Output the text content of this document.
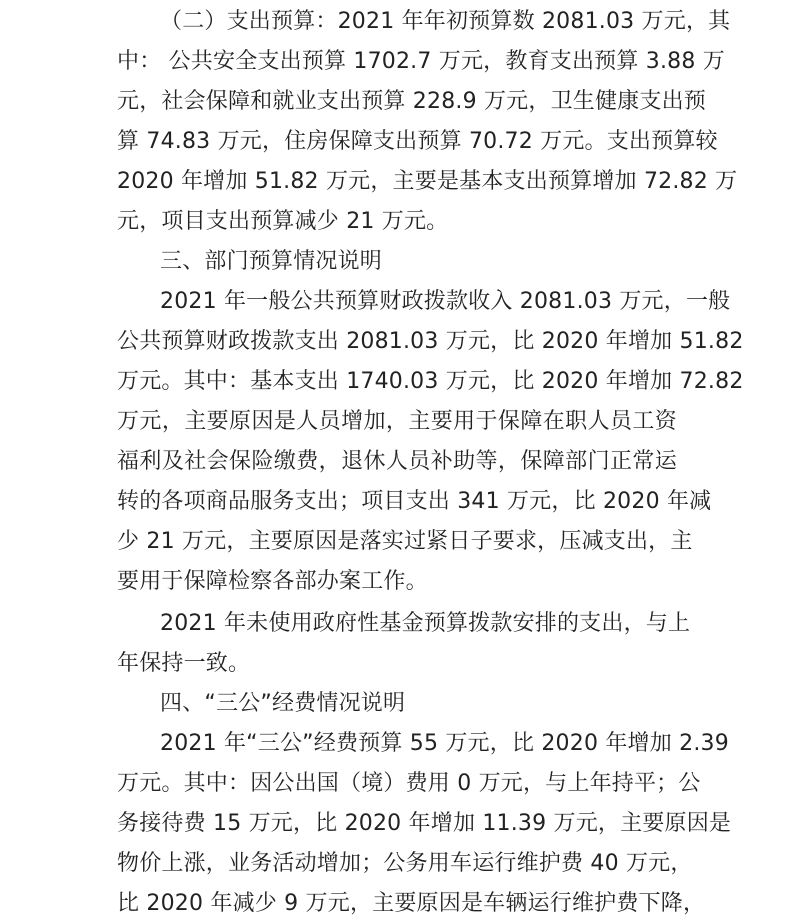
（二）支出预算：2021 年年初预算数 2081.03 万元，其
中： 公共安全支出预算 1702.7 万元，教育支出预算 3.88 万
元，社会保障和就业支出预算 228.9 万元，卫生健康支出预
算 74.83 万元，住房保障支出预算 70.72 万元。支出预算较
2020 年增加 51.82 万元，主要是基本支出预算增加 72.82 万
元，项目支出预算减少 21 万元。
三、部门预算情况说明
2021 年一般公共预算财政拨款收入 2081.03 万元，一般
公共预算财政拨款支出 2081.03 万元，比 2020 年增加 51.82
万元。其中：基本支出 1740.03 万元，比 2020 年增加 72.82
万元，主要原因是人员增加，主要用于保障在职人员工资
福利及社会保险缴费，退休人员补助等，保障部门正常运
转的各项商品服务支出；项目支出 341 万元，比 2020 年减
少 21 万元，主要原因是落实过紧日子要求，压减支出，主
要用于保障检察各部办案工作。
2021 年未使用政府性基金预算拨款安排的支出，与上
年保持一致。
四、“三公”经费情况说明
2021 年“三公”经费预算 55 万元，比 2020 年增加 2.39
万元。其中：因公出国（境）费用 0 万元，与上年持平；公
务接待费 15 万元，比 2020 年增加 11.39 万元，主要原因是
物价上涨，业务活动增加；公务用车运行维护费 40 万元，
比 2020 年减少 9 万元，主要原因是车辆运行维护费下降，
